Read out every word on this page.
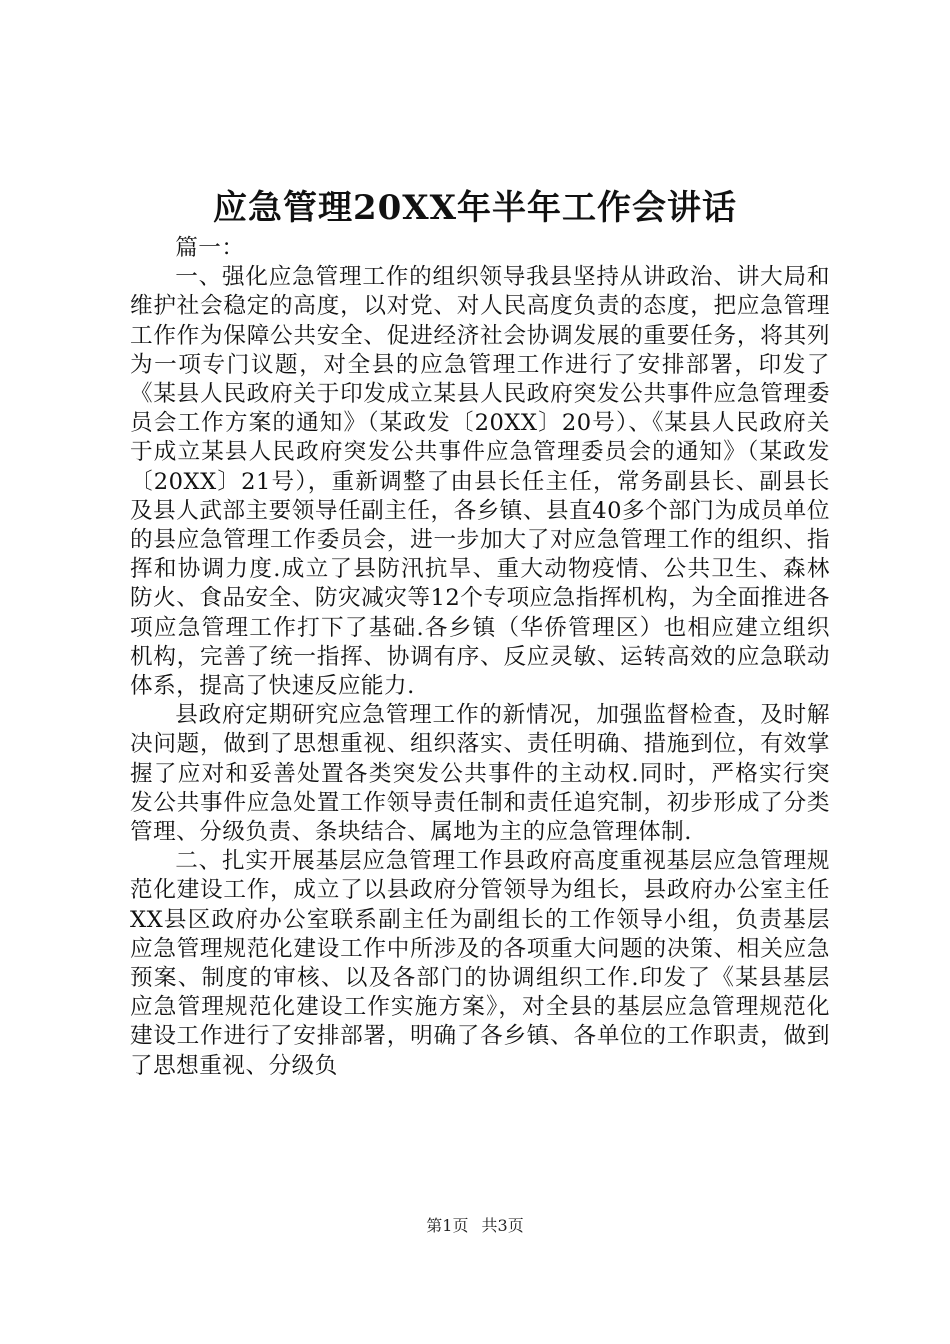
应急管理20XX年半年工作会讲话

篇一：

一、强化应急管理工作的组织领导我县坚持从讲政治、讲大局和维护社会稳定的高度，以对党、对人民高度负责的态度，把应急管理工作作为保障公共安全、促进经济社会协调发展的重要任务，将其列为一项专门议题，对全县的应急管理工作进行了安排部署，印发了《某县人民政府关于印发成立某县人民政府突发公共事件应急管理委员会工作方案的通知》（某政发〔20XX〕20号）、《某县人民政府关于成立某县人民政府突发公共事件应急管理委员会的通知》（某政发〔20XX〕21号），重新调整了由县长任主任，常务副县长、副县长及县人武部主要领导任副主任，各乡镇、县直40多个部门为成员单位的县应急管理工作委员会，进一步加大了对应急管理工作的组织、指挥和协调力度.成立了县防汛抗旱、重大动物疫情、公共卫生、森林防火、食品安全、防灾减灾等12个专项应急指挥机构，为全面推进各项应急管理工作打下了基础.各乡镇（华侨管理区）也相应建立组织机构，完善了统一指挥、协调有序、反应灵敏、运转高效的应急联动体系，提高了快速反应能力.

县政府定期研究应急管理工作的新情况，加强监督检查，及时解决问题，做到了思想重视、组织落实、责任明确、措施到位，有效掌握了应对和妥善处置各类突发公共事件的主动权.同时，严格实行突发公共事件应急处置工作领导责任制和责任追究制，初步形成了分类管理、分级负责、条块结合、属地为主的应急管理体制.

二、扎实开展基层应急管理工作县政府高度重视基层应急管理规范化建设工作，成立了以县政府分管领导为组长，县政府办公室主任XX县区政府办公室联系副主任为副组长的工作领导小组，负责基层应急管理规范化建设工作中所涉及的各项重大问题的决策、相关应急预案、制度的审核、以及各部门的协调组织工作.印发了《某县基层应急管理规范化建设工作实施方案》，对全县的基层应急管理规范化建设工作进行了安排部署，明确了各乡镇、各单位的工作职责，做到了思想重视、分级负

第1页 共3页
